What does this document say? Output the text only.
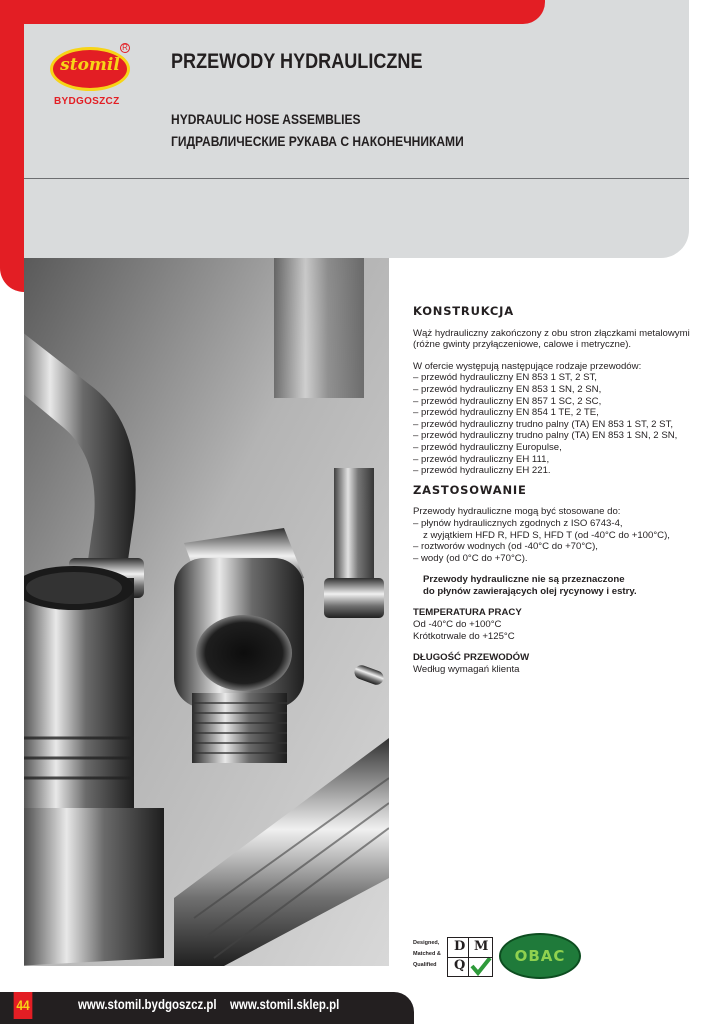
stomil
R
BYDGOSZCZ
PRZEWODY HYDRAULICZNE
HYDRAULIC HOSE ASSEMBLIES
ГИДРАВЛИЧЕСКИЕ РУКАВА С НАКОНЕЧНИКАМИ
KONSTRUKCJA

Wąż hydrauliczny zakończony z obu stron złączkami metalowymi

(różne gwinty przyłączeniowe, calowe i metryczne).

W ofercie występują następujące rodzaje przewodów:

– przewód hydrauliczny EN 853 1 ST, 2 ST,

– przewód hydrauliczny EN 853 1 SN, 2 SN,

– przewód hydrauliczny EN 857 1 SC, 2 SC,

– przewód hydrauliczny EN 854 1 TE, 2 TE,

– przewód hydrauliczny trudno palny (TA) EN 853 1 ST, 2 ST,

– przewód hydrauliczny trudno palny (TA) EN 853 1 SN, 2 SN,

– przewód hydrauliczny Europulse,

– przewód hydrauliczny EH 111,

– przewód hydrauliczny EH 221.

ZASTOSOWANIE

Przewody hydrauliczne mogą być stosowane do:

– płynów hydraulicznych zgodnych z ISO 6743-4,

z wyjątkiem HFD R, HFD S, HFD T (od -40°C do +100°C),

– roztworów wodnych (od -40°C do +70°C),

– wody (od 0°C do +70°C).

Przewody hydrauliczne nie są przeznaczone

do płynów zawierających olej rycynowy i estry.

TEMPERATURA PRACY

Od -40°C do +100°C

Krótkotrwale do +125°C

DŁUGOŚĆ PRZEWODÓW

Według wymagań klienta

Designed,
Matched &
Qualified
D M
Q
OBAC
44	www.stomil.bydgoszcz.pl www.stomil.sklep.pl
